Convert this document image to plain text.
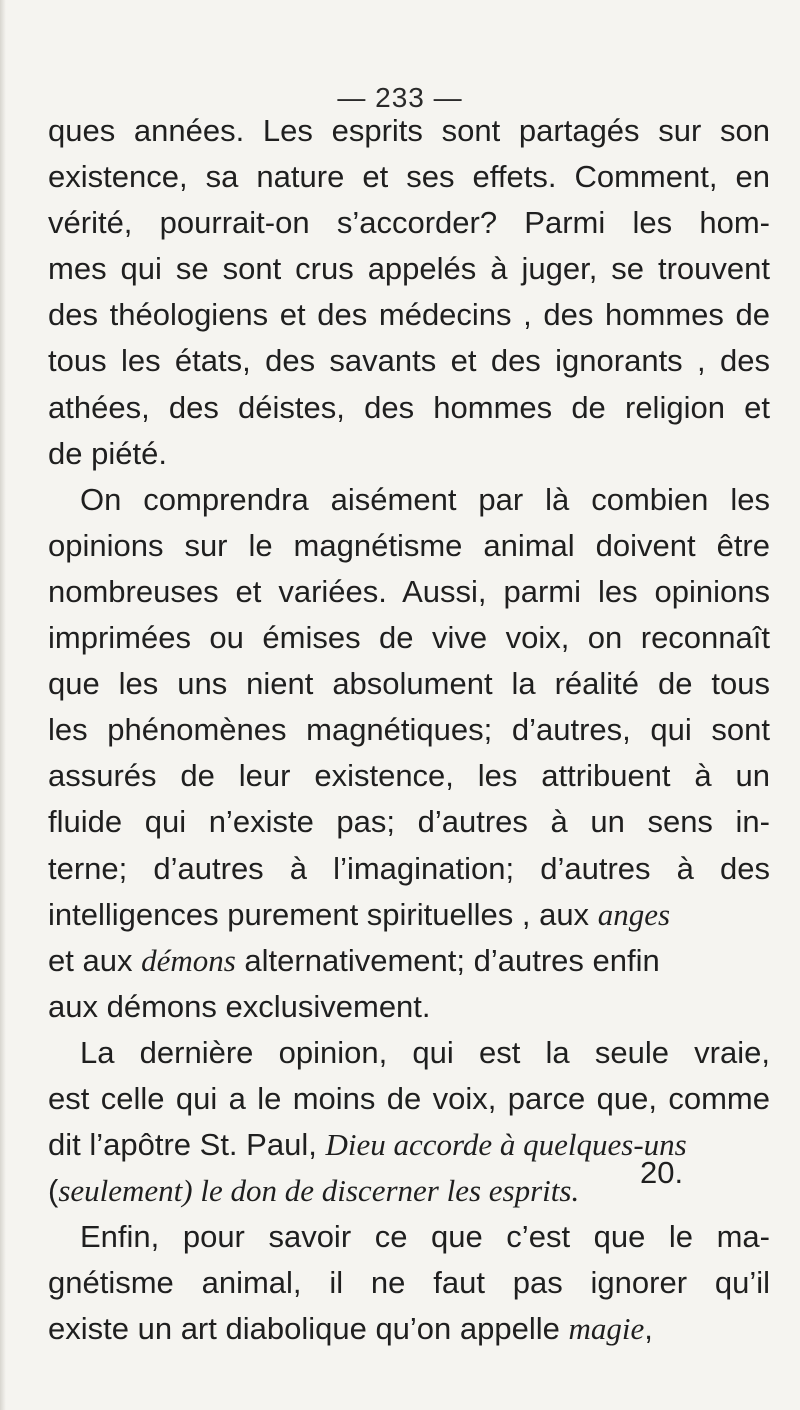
— 233 —
ques années. Les esprits sont partagés sur son
existence, sa nature et ses effets. Comment, en
vérité, pourrait-on s’accorder? Parmi les hom-
mes qui se sont crus appelés à juger, se trouvent
des théologiens et des médecins , des hommes de
tous les états, des savants et des ignorants , des
athées, des déistes, des hommes de religion et
de piété.
On comprendra aisément par là combien les
opinions sur le magnétisme animal doivent être
nombreuses et variées. Aussi, parmi les opinions
imprimées ou émises de vive voix, on reconnaît
que les uns nient absolument la réalité de tous
les phénomènes magnétiques; d’autres, qui sont
assurés de leur existence, les attribuent à un
fluide qui n’existe pas; d’autres à un sens in-
terne; d’autres à l’imagination; d’autres à des
intelligences purement spirituelles , aux anges
et aux démons alternativement; d’autres enfin
aux démons exclusivement.
La dernière opinion, qui est la seule vraie,
est celle qui a le moins de voix, parce que, comme
dit l’apôtre St. Paul, Dieu accorde à quelques-uns
(seulement) le don de discerner les esprits.
Enfin, pour savoir ce que c’est que le ma-
gnétisme animal, il ne faut pas ignorer qu’il
existe un art diabolique qu’on appelle magie,
20.
